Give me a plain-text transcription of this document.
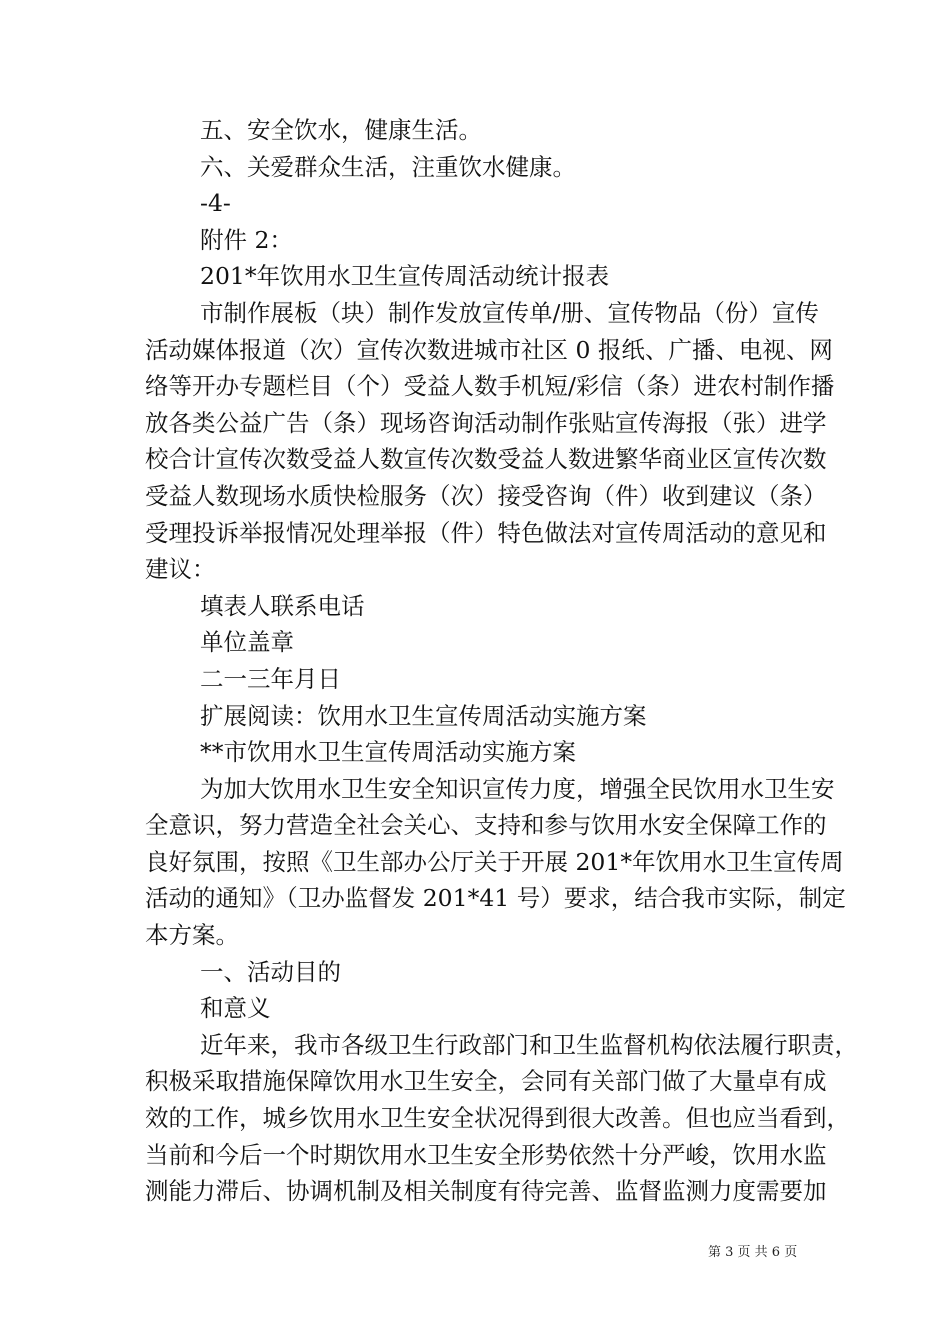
五、安全饮水，健康生活。
六、关爱群众生活，注重饮水健康。
-4-
附件 2：
201*年饮用水卫生宣传周活动统计报表
市制作展板（块）制作发放宣传单/册、宣传物品（份）宣传
活动媒体报道（次）宣传次数进城市社区 0 报纸、广播、电视、网
络等开办专题栏目（个）受益人数手机短/彩信（条）进农村制作播
放各类公益广告（条）现场咨询活动制作张贴宣传海报（张）进学
校合计宣传次数受益人数宣传次数受益人数进繁华商业区宣传次数
受益人数现场水质快检服务（次）接受咨询（件）收到建议（条）
受理投诉举报情况处理举报（件）特色做法对宣传周活动的意见和
建议：
填表人联系电话
单位盖章
二一三年月日
扩展阅读：饮用水卫生宣传周活动实施方案
**市饮用水卫生宣传周活动实施方案
为加大饮用水卫生安全知识宣传力度，增强全民饮用水卫生安
全意识，努力营造全社会关心、支持和参与饮用水安全保障工作的
良好氛围，按照《卫生部办公厅关于开展 201*年饮用水卫生宣传周
活动的通知》（卫办监督发 201*41 号）要求，结合我市实际，制定
本方案。
一、活动目的
和意义
近年来，我市各级卫生行政部门和卫生监督机构依法履行职责，
积极采取措施保障饮用水卫生安全，会同有关部门做了大量卓有成
效的工作，城乡饮用水卫生安全状况得到很大改善。但也应当看到，
当前和今后一个时期饮用水卫生安全形势依然十分严峻，饮用水监
测能力滞后、协调机制及相关制度有待完善、监督监测力度需要加
第 3 页 共 6 页
